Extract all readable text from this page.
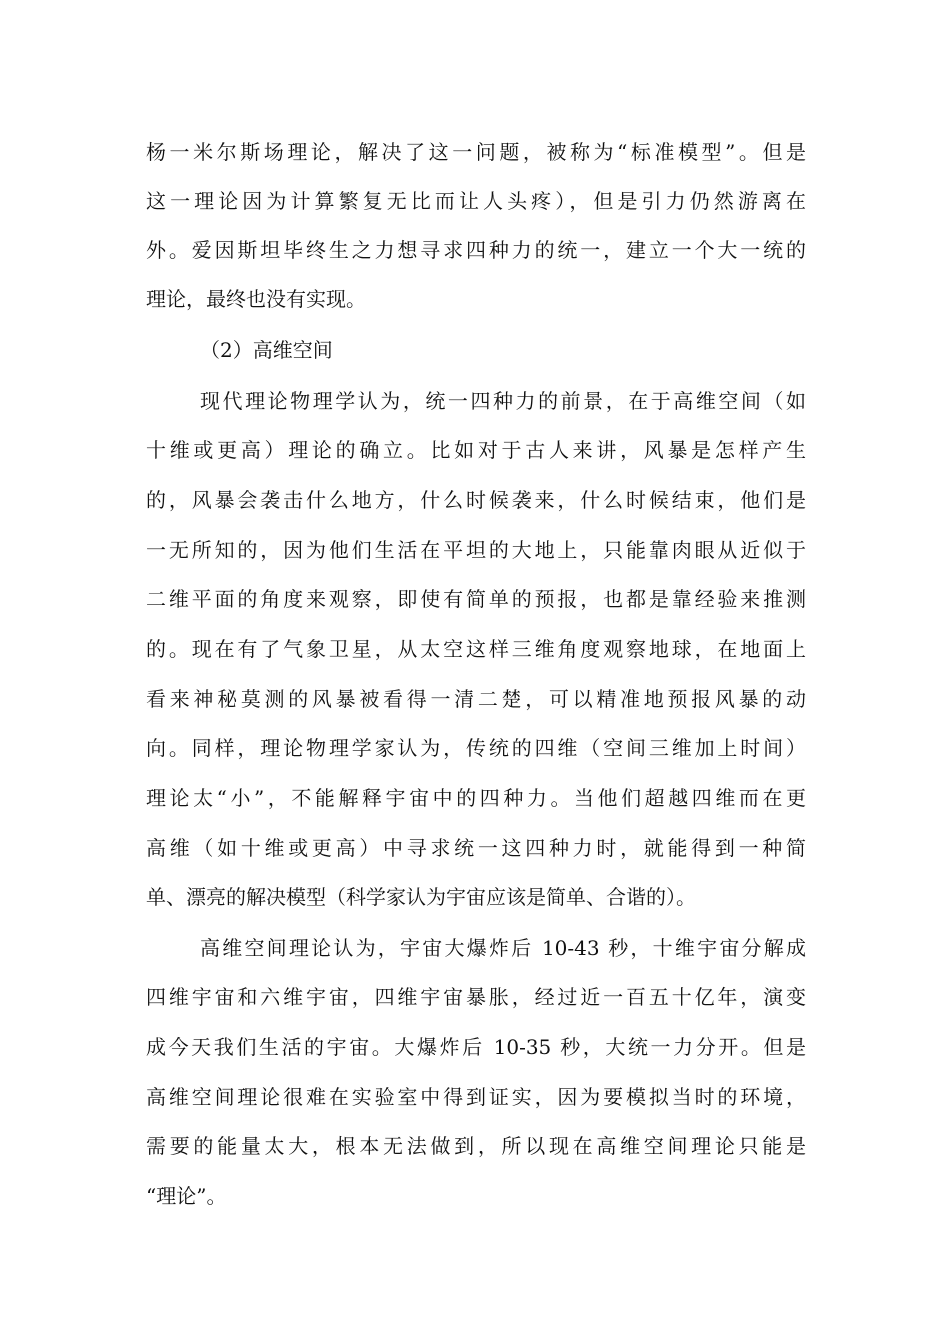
杨一米尔斯场理论，解决了这一问题，被称为“标准模型”。但是
这一理论因为计算繁复无比而让人头疼），但是引力仍然游离在
外。爱因斯坦毕终生之力想寻求四种力的统一，建立一个大一统的
理论，最终也没有实现。
（2）高维空间
现代理论物理学认为，统一四种力的前景，在于高维空间（如
十维或更高）理论的确立。比如对于古人来讲，风暴是怎样产生
的，风暴会袭击什么地方，什么时候袭来，什么时候结束，他们是
一无所知的，因为他们生活在平坦的大地上，只能靠肉眼从近似于
二维平面的角度来观察，即使有简单的预报，也都是靠经验来推测
的。现在有了气象卫星，从太空这样三维角度观察地球，在地面上
看来神秘莫测的风暴被看得一清二楚，可以精准地预报风暴的动
向。同样，理论物理学家认为，传统的四维（空间三维加上时间）
理论太“小”，不能解释宇宙中的四种力。当他们超越四维而在更
高维（如十维或更高）中寻求统一这四种力时，就能得到一种简
单、漂亮的解决模型（科学家认为宇宙应该是简单、合谐的）。
高维空间理论认为，宇宙大爆炸后 10-43 秒，十维宇宙分解成
四维宇宙和六维宇宙，四维宇宙暴胀，经过近一百五十亿年，演变
成今天我们生活的宇宙。大爆炸后 10-35 秒，大统一力分开。但是
高维空间理论很难在实验室中得到证实，因为要模拟当时的环境，
需要的能量太大，根本无法做到，所以现在高维空间理论只能是
“理论”。
